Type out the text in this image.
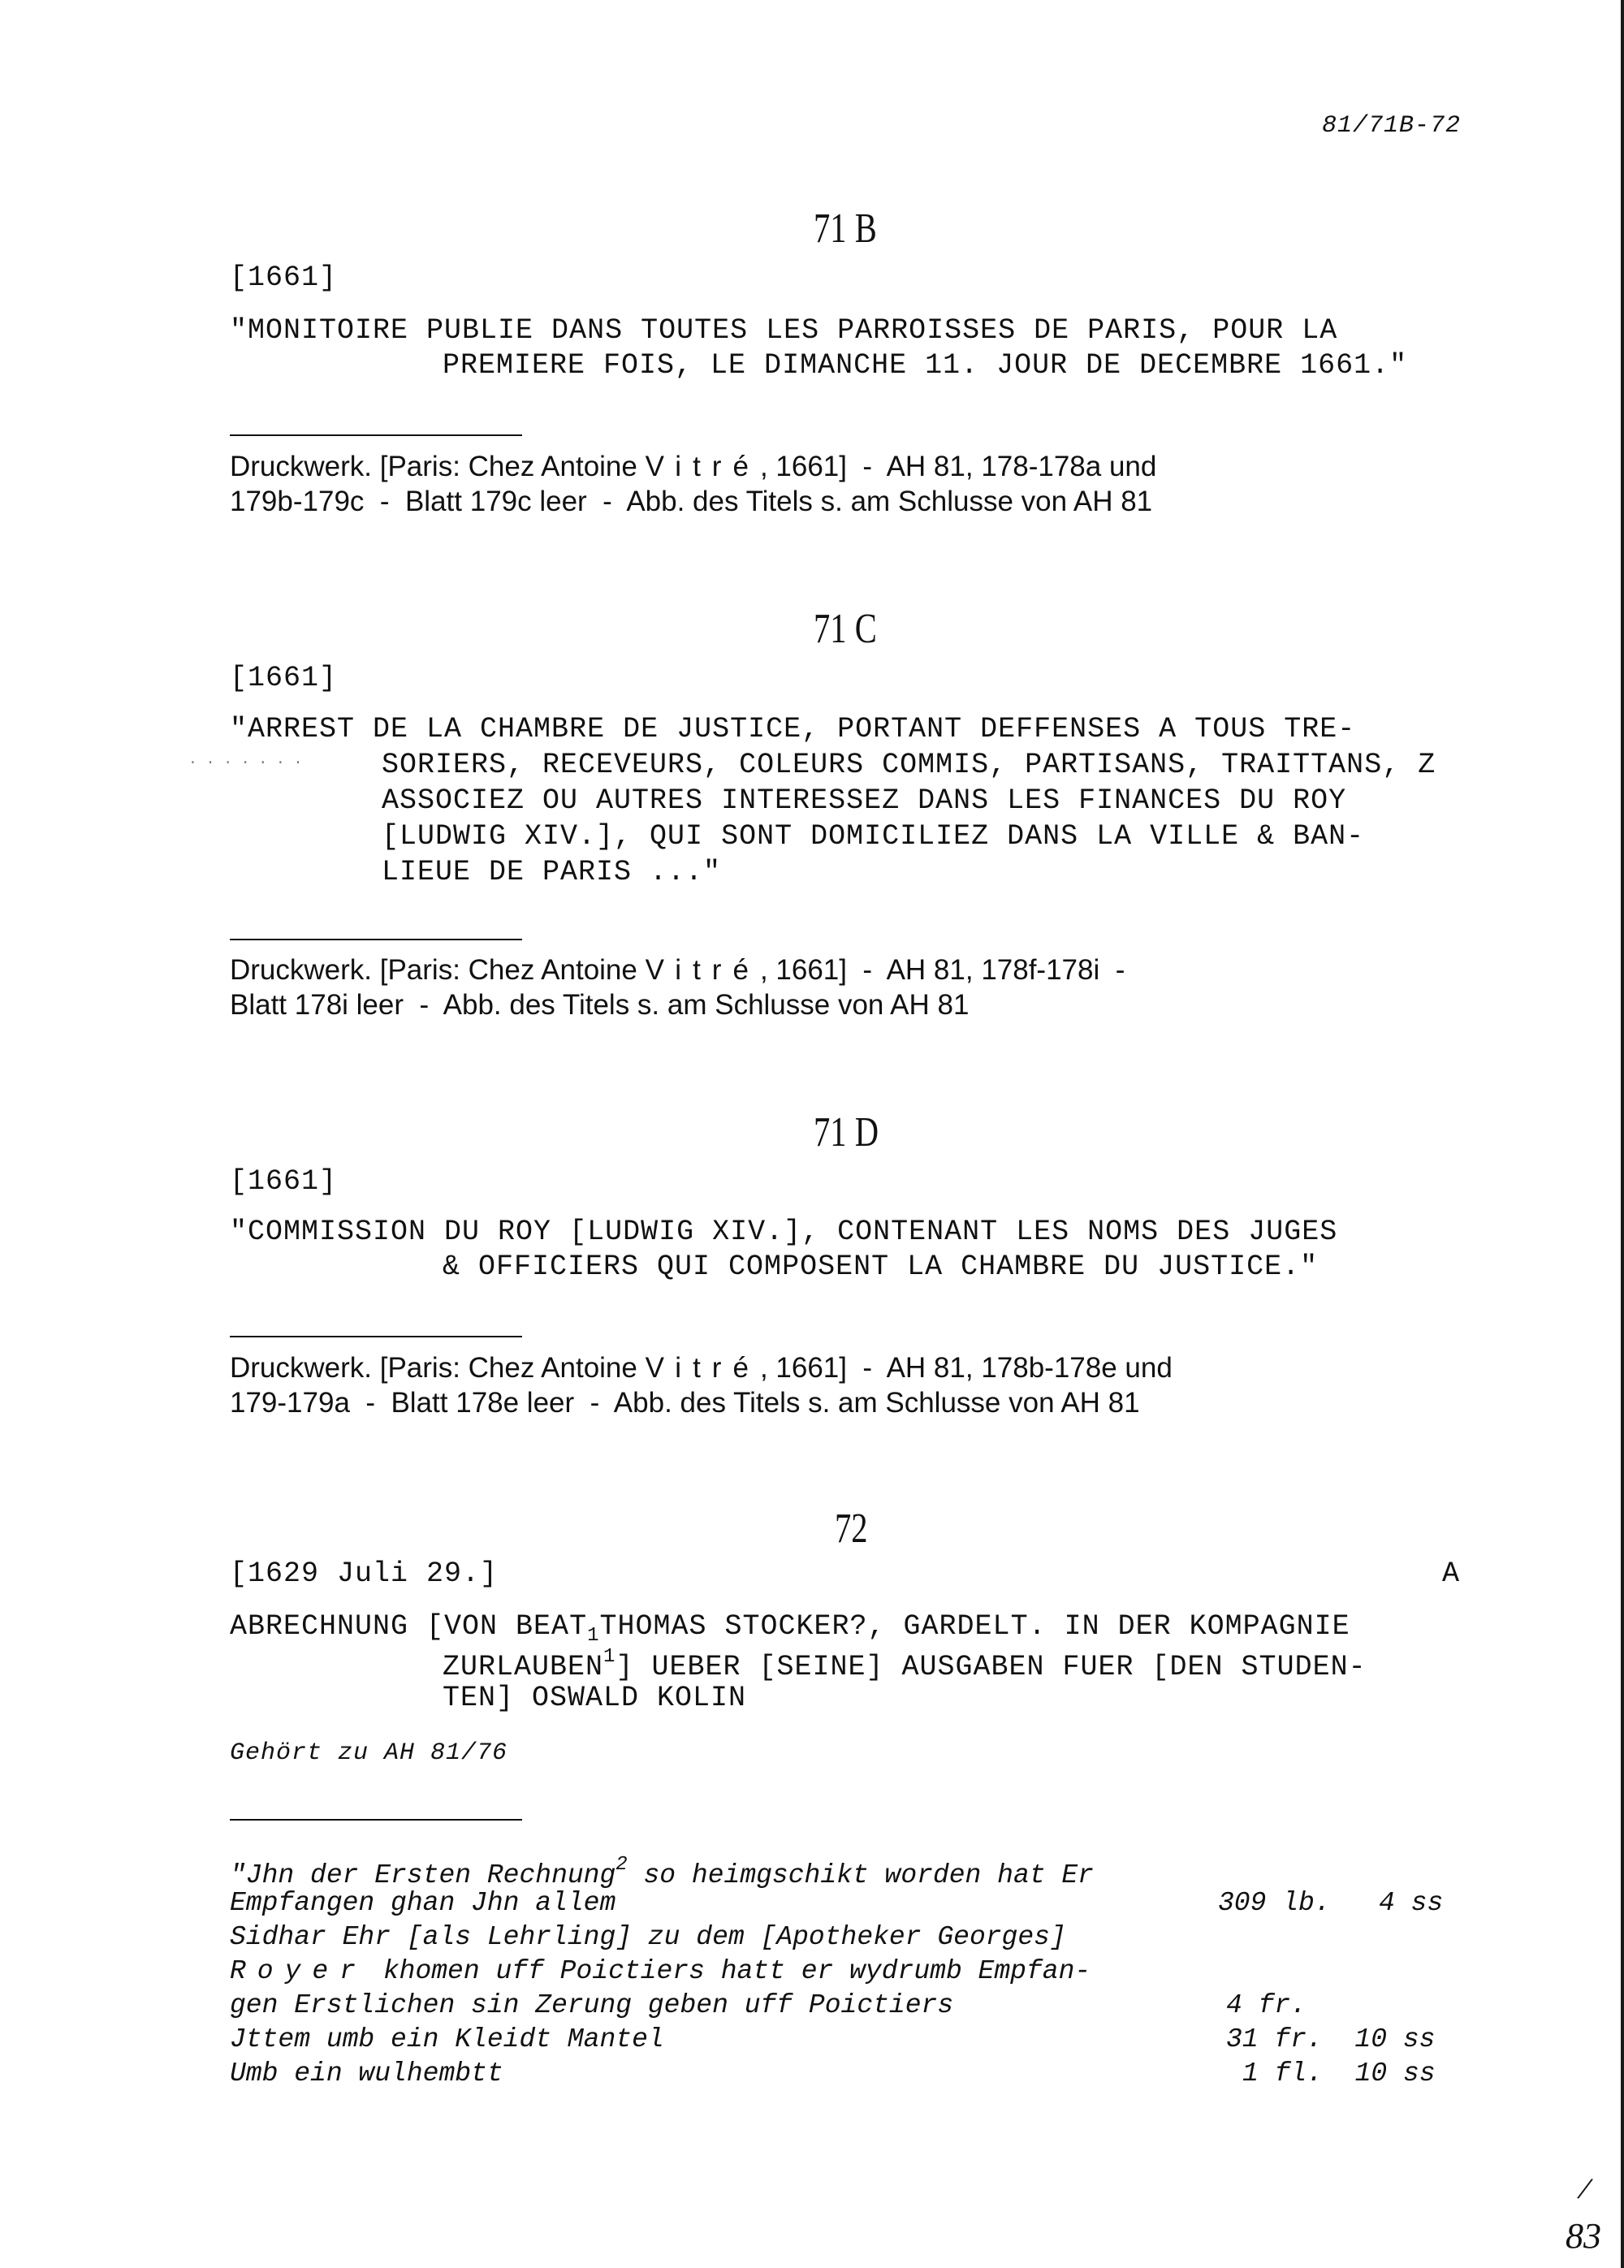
81/71B-72
71 B
[1661]
"MONITOIRE PUBLIE DANS TOUTES LES PARROISSES DE PARIS, POUR LA
PREMIERE FOIS, LE DIMANCHE 11. JOUR DE DECEMBRE 1661."
Druckwerk. [Paris: Chez Antoine Vitré, 1661]  -  AH 81, 178-178a und
179b-179c  -  Blatt 179c leer  -  Abb. des Titels s. am Schlusse von AH 81
71 C
[1661]
"ARREST DE LA CHAMBRE DE JUSTICE, PORTANT DEFFENSES A TOUS TRE-
· · · · · · ·	SORIERS, RECEVEURS, COLEURS COMMIS, PARTISANS, TRAITTANS, Z
ASSOCIEZ OU AUTRES INTERESSEZ DANS LES FINANCES DU ROY
[LUDWIG XIV.], QUI SONT DOMICILIEZ DANS LA VILLE & BAN-
LIEUE DE PARIS ..."
Druckwerk. [Paris: Chez Antoine Vitré, 1661]  -  AH 81, 178f-178i  -
Blatt 178i leer  -  Abb. des Titels s. am Schlusse von AH 81
71 D
[1661]
"COMMISSION DU ROY [LUDWIG XIV.], CONTENANT LES NOMS DES JUGES
& OFFICIERS QUI COMPOSENT LA CHAMBRE DU JUSTICE."
Druckwerk. [Paris: Chez Antoine Vitré, 1661]  -  AH 81, 178b-178e und
179-179a  -  Blatt 178e leer  -  Abb. des Titels s. am Schlusse von AH 81
72
[1629 Juli 29.]	A
ABRECHNUNG [VON $BEAT_1THOMAS$ STOCKER?, GARDELT. IN DER KOMPAGNIE
ZURLAUBEN$^1$] UEBER [SEINE] AUSGABEN FUER [DEN STUDEN-
TEN] OSWALD KOLIN
Gehört zu AH 81/76
"Jhn der Ersten Rechnung$^2$ so heimgschikt worden hat Er
Empfangen ghan Jhn allem	309 lb.   4 ss
Sidhar Ehr [als Lehrling] zu dem [Apotheker Georges]
Royer khomen uff Poictiers hatt er wydrumb Empfan-
gen Erstlichen sin Zerung geben uff Poictiers	4 fr.
Jttem umb ein Kleidt Mantel	31 fr.  10 ss
Umb ein wulhembtt	1 fl.  10 ss
/
83
